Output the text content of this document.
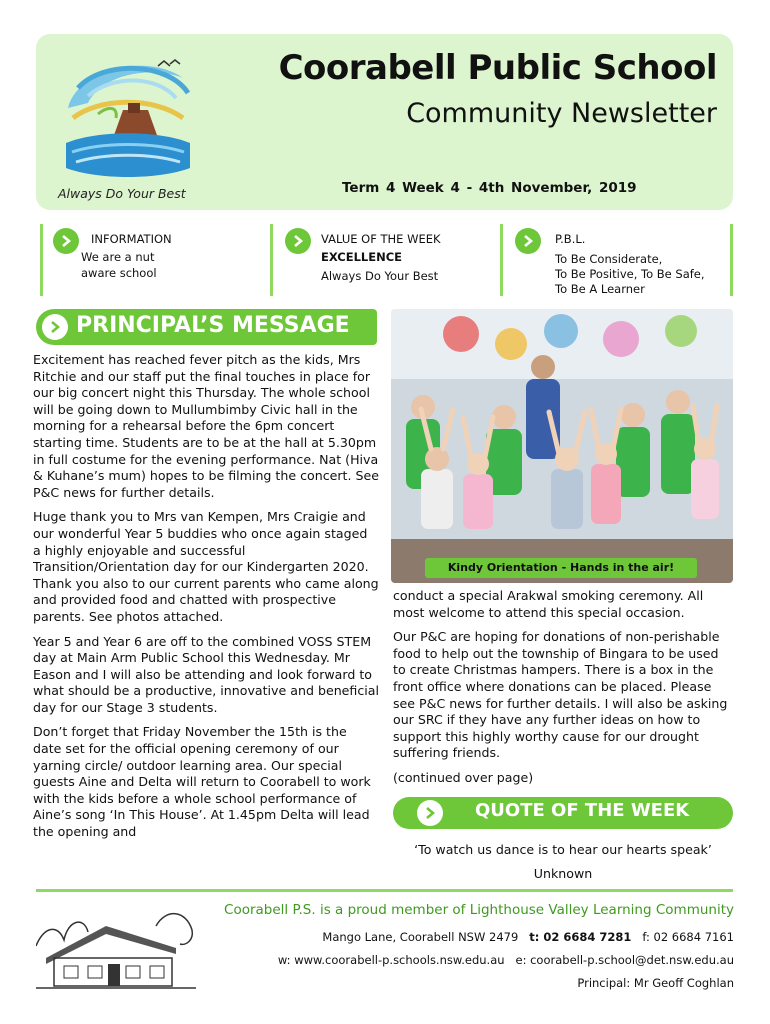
Always Do Your Best
Coorabell Public School
Community Newsletter
Term 4 Week 4 - 4th November, 2019
INFORMATION
We are a nut
aware school
VALUE OF THE WEEK
EXCELLENCE
Always Do Your Best
P.B.L.
To Be Considerate,
To Be Positive, To Be Safe,
To Be A Learner
PRINCIPAL’S MESSAGE

Excitement has reached fever pitch as the kids, Mrs Ritchie and our staff put the final touches in place for our big concert night this Thursday. The whole school will be going down to Mullumbimby Civic hall in the morning for a rehearsal before the 6pm concert starting time. Students are to be at the hall at 5.30pm in full costume for the evening performance. Nat (Hiva & Kuhane’s mum) hopes to be filming the concert. See P&C news for further details.

Huge thank you to Mrs van Kempen, Mrs Craigie and our wonderful Year 5 buddies who once again staged a highly enjoyable and successful Transition/Orientation day for our Kindergarten 2020. Thank you also to our current parents who came along and provided food and chatted with prospective parents. See photos attached.

Year 5 and Year 6 are off to the combined VOSS STEM day at Main Arm Public School this Wednesday. Mr Eason and I will also be attending and look forward to what should be a productive, innovative and beneficial day for our Stage 3 students.

Don’t forget that Friday November the 15th is the date set for the official opening ceremony of our yarning circle/ outdoor learning area. Our special guests Aine and Delta will return to Coorabell to work with the kids before a whole school performance of Aine’s song ‘In This House’. At 1.45pm Delta will lead the opening and

Kindy Orientation - Hands in the air!

conduct a special Arakwal smoking ceremony. All most welcome to attend this special occasion.

Our P&C are hoping for donations of non-perishable food to help out the township of Bingara to be used to create Christmas hampers. There is a box in the front office where donations can be placed. Please see P&C news for further details. I will also be asking our SRC if they have any further ideas on how to support this highly worthy cause for our drought suffering friends.

(continued over page)

QUOTE OF THE WEEK
‘To watch us dance is to hear our hearts speak’
Unknown
Coorabell P.S. is a proud member of Lighthouse Valley Learning Community
Mango Lane, Coorabell NSW 2479 t: 02 6684 7281 f: 02 6684 7161
w: www.coorabell-p.schools.nsw.edu.au e: coorabell-p.school@det.nsw.edu.au
Principal: Mr Geoff Coghlan
